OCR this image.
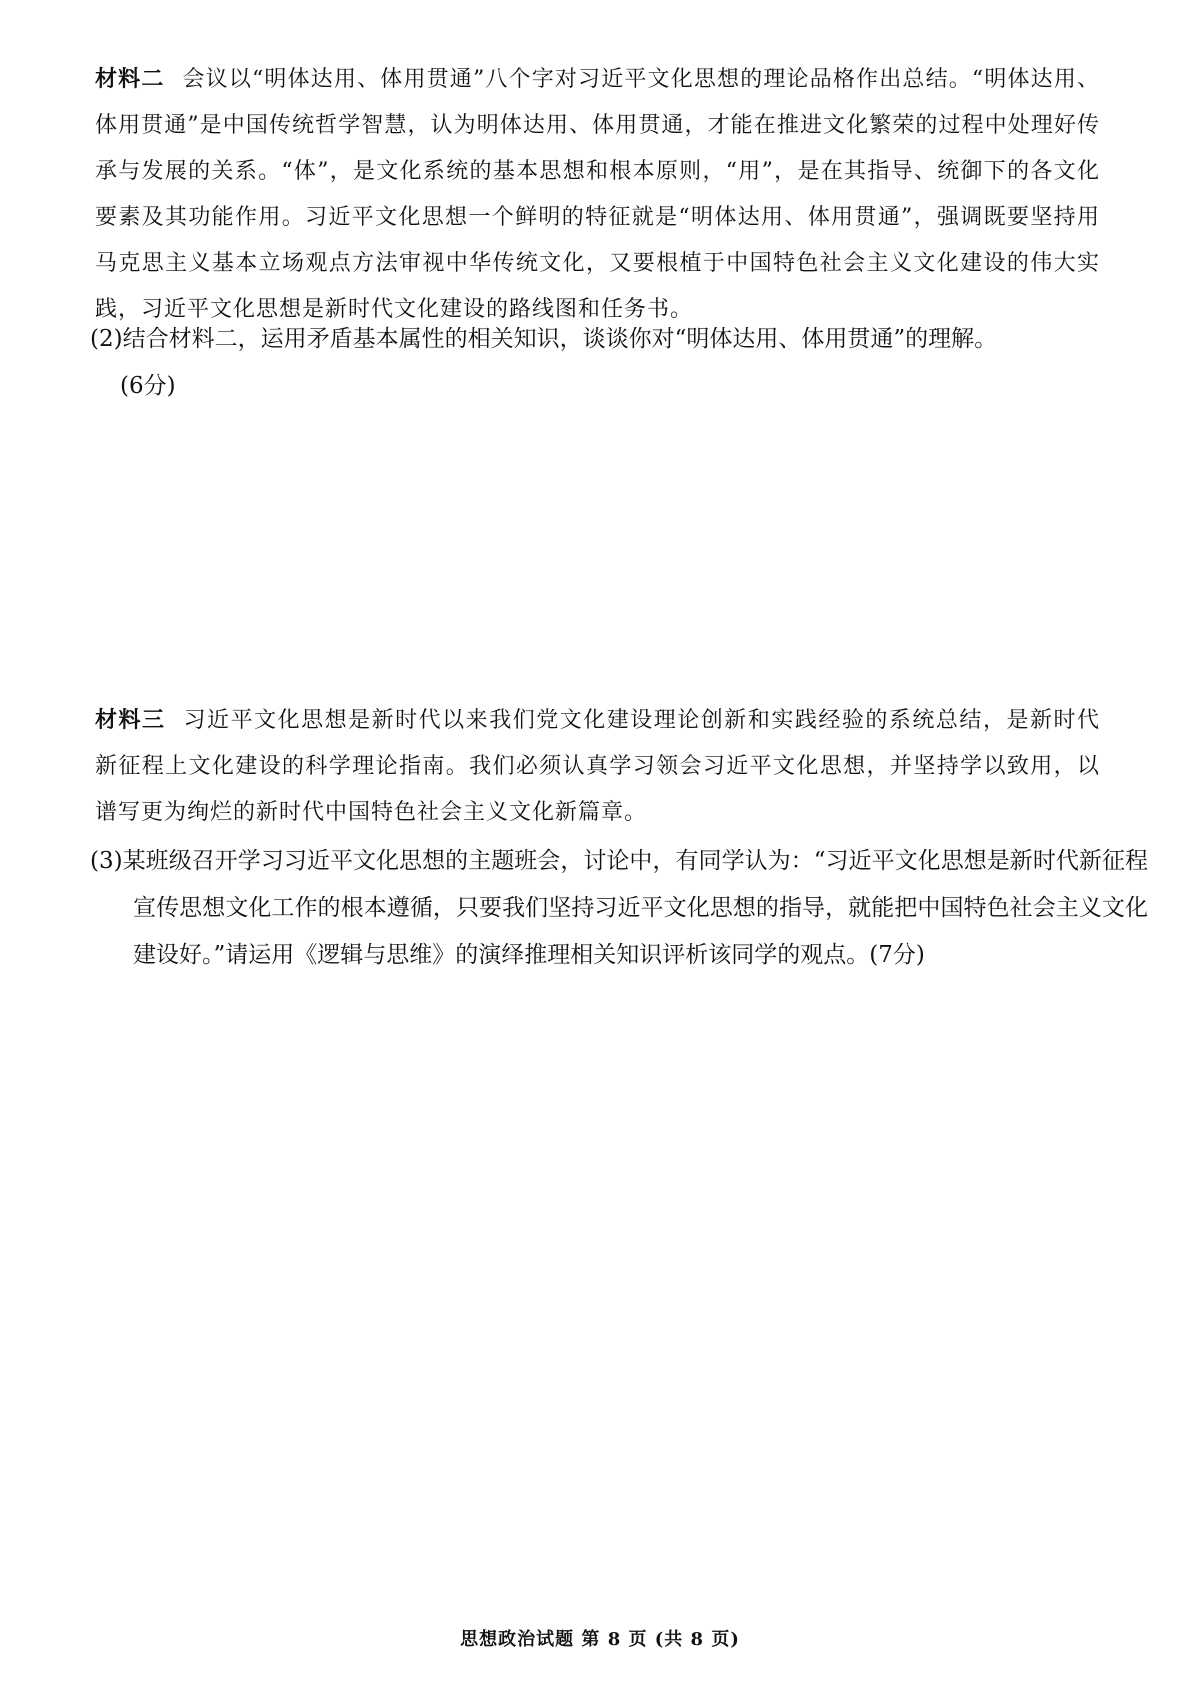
材料二 会议以“明体达用、体用贯通”八个字对习近平文化思想的理论品格作出总结。“明体达用、体用贯通”是中国传统哲学智慧，认为明体达用、体用贯通，才能在推进文化繁荣的过程中处理好传承与发展的关系。“体”，是文化系统的基本思想和根本原则，“用”，是在其指导、统御下的各文化要素及其功能作用。习近平文化思想一个鲜明的特征就是“明体达用、体用贯通”，强调既要坚持用马克思主义基本立场观点方法审视中华传统文化，又要根植于中国特色社会主义文化建设的伟大实践，习近平文化思想是新时代文化建设的路线图和任务书。
(2)结合材料二，运用矛盾基本属性的相关知识，谈谈你对“明体达用、体用贯通”的理解。
(6分)
材料三 习近平文化思想是新时代以来我们党文化建设理论创新和实践经验的系统总结，是新时代新征程上文化建设的科学理论指南。我们必须认真学习领会习近平文化思想，并坚持学以致用，以谱写更为绚烂的新时代中国特色社会主义文化新篇章。
(3)某班级召开学习习近平文化思想的主题班会，讨论中，有同学认为：“习近平文化思想是新时代新征程宣传思想文化工作的根本遵循，只要我们坚持习近平文化思想的指导，就能把中国特色社会主义文化建设好。”请运用《逻辑与思维》的演绎推理相关知识评析该同学的观点。(7分)
思想政治试题 第 8 页 (共 8 页)
